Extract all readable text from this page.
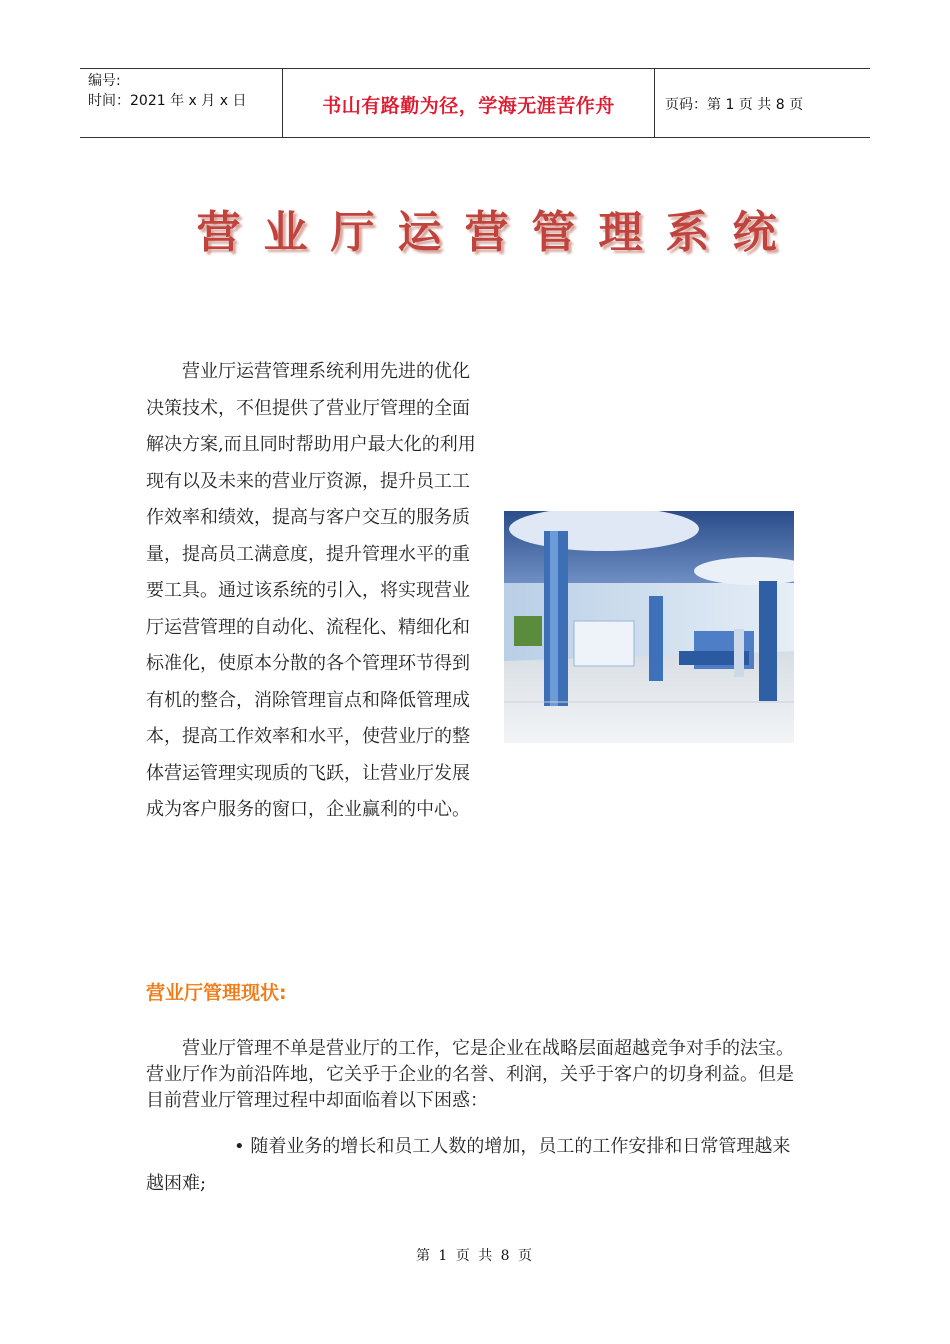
编号:
时间：2021 年 x 月 x 日	书山有路勤为径，学海无涯苦作舟	页码：第 1 页 共 8 页
营业厅运营管理系统

营业厅运营管理系统利用先进的优化决策技术，不但提供了营业厅管理的全面解决方案,而且同时帮助用户最大化的利用现有以及未来的营业厅资源，提升员工工作效率和绩效，提高与客户交互的服务质量，提高员工满意度，提升管理水平的重要工具。通过该系统的引入，将实现营业厅运营管理的自动化、流程化、精细化和标准化，使原本分散的各个管理环节得到有机的整合，消除管理盲点和降低管理成本，提高工作效率和水平，使营业厅的整体营运管理实现质的飞跃，让营业厅发展成为客户服务的窗口，企业赢利的中心。

营业厅管理现状:

营业厅管理不单是营业厅的工作，它是企业在战略层面超越竞争对手的法宝。营业厅作为前沿阵地，它关乎于企业的名誉、利润，关乎于客户的切身利益。但是目前营业厅管理过程中却面临着以下困惑：

• 随着业务的增长和员工人数的增加，员工的工作安排和日常管理越来越困难;

第 1 页 共 8 页
